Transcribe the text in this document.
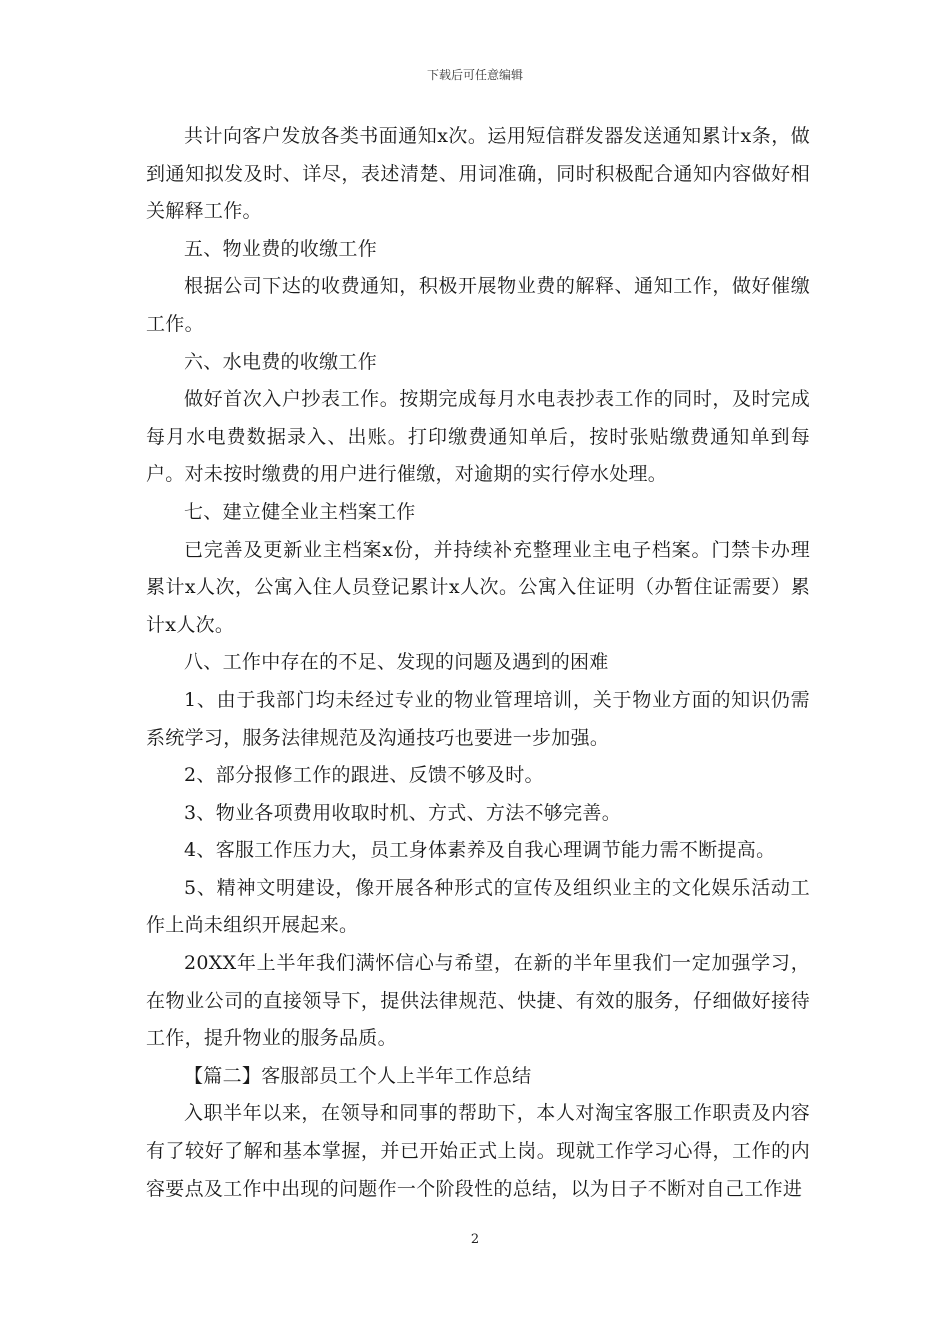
下载后可任意编辑

共计向客户发放各类书面通知x次。运用短信群发器发送通知累计x条，做到通知拟发及时、详尽，表述清楚、用词准确，同时积极配合通知内容做好相关解释工作。

五、物业费的收缴工作

根据公司下达的收费通知，积极开展物业费的解释、通知工作，做好催缴工作。

六、水电费的收缴工作

做好首次入户抄表工作。按期完成每月水电表抄表工作的同时，及时完成每月水电费数据录入、出账。打印缴费通知单后，按时张贴缴费通知单到每户。对未按时缴费的用户进行催缴，对逾期的实行停水处理。

七、建立健全业主档案工作

已完善及更新业主档案x份，并持续补充整理业主电子档案。门禁卡办理累计x人次，公寓入住人员登记累计x人次。公寓入住证明（办暂住证需要）累计x人次。

八、工作中存在的不足、发现的问题及遇到的困难

1、由于我部门均未经过专业的物业管理培训，关于物业方面的知识仍需系统学习，服务法律规范及沟通技巧也要进一步加强。

2、部分报修工作的跟进、反馈不够及时。

3、物业各项费用收取时机、方式、方法不够完善。

4、客服工作压力大，员工身体素养及自我心理调节能力需不断提高。

5、精神文明建设，像开展各种形式的宣传及组织业主的文化娱乐活动工作上尚未组织开展起来。

20XX年上半年我们满怀信心与希望，在新的半年里我们一定加强学习，在物业公司的直接领导下，提供法律规范、快捷、有效的服务，仔细做好接待工作，提升物业的服务品质。

【篇二】客服部员工个人上半年工作总结

入职半年以来，在领导和同事的帮助下，本人对淘宝客服工作职责及内容有了较好了解和基本掌握，并已开始正式上岗。现就工作学习心得，工作的内容要点及工作中出现的问题作一个阶段性的总结，以为日子不断对自己工作进

2
